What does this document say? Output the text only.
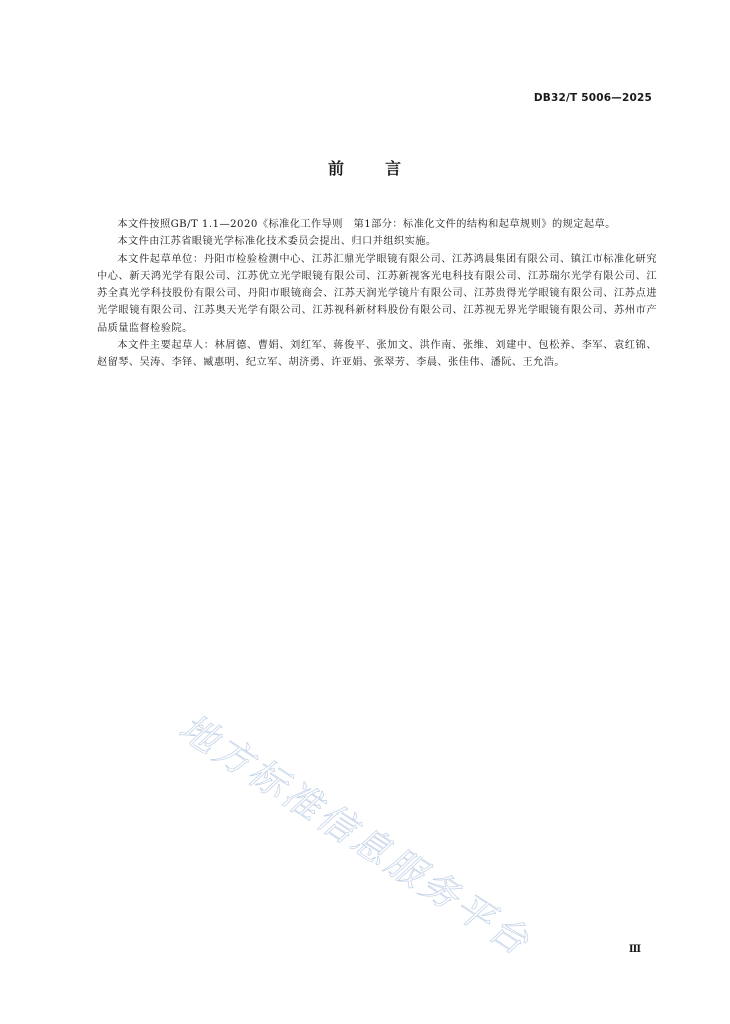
DB32/T 5006—2025
前	言

本文件按照GB/T 1.1—2020《标准化工作导则　第1部分：标准化文件的结构和起草规则》的规定起草。

本文件由江苏省眼镜光学标准化技术委员会提出、归口并组织实施。

本文件起草单位：丹阳市检验检测中心、江苏汇鼎光学眼镜有限公司、江苏鸿晨集团有限公司、镇江市标准化研究中心、新天鸿光学有限公司、江苏优立光学眼镜有限公司、江苏新视客光电科技有限公司、江苏瑞尔光学有限公司、江苏全真光学科技股份有限公司、丹阳市眼镜商会、江苏天润光学镜片有限公司、江苏贵得光学眼镜有限公司、江苏点进光学眼镜有限公司、江苏奥天光学有限公司、江苏视科新材料股份有限公司、江苏视无界光学眼镜有限公司、苏州市产品质量监督检验院。

本文件主要起草人：林屑德、曹娟、刘红军、蒋俊平、张加文、洪作南、张维、刘建中、包松养、李军、袁红锦、赵留琴、吴涛、李铎、臧惠明、纪立军、胡济勇、许亚娟、张翠芳、李晨、张佳伟、潘阮、王允浩。

地方标准信息服务平台	Ⅲ
